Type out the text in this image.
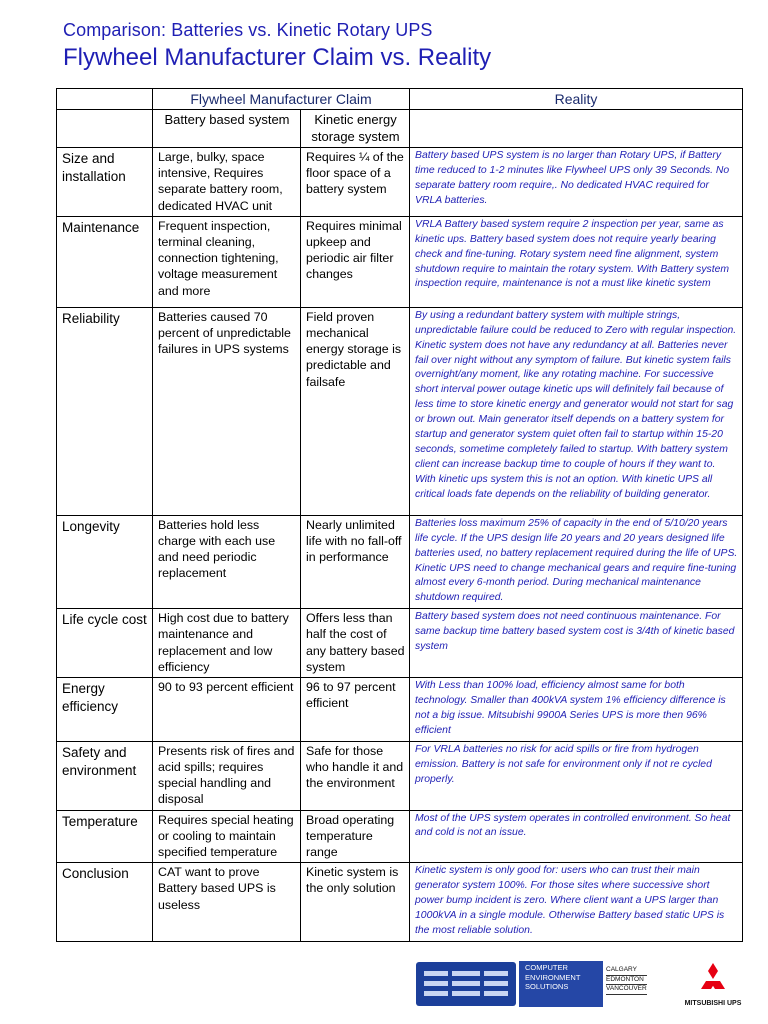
Comparison: Batteries vs. Kinetic Rotary UPS
Flywheel Manufacturer Claim vs. Reality
	Flywheel Manufacturer Claim		Reality
	Battery based system	Kinetic energy storage system	
Size and installation	Large, bulky, space intensive, Requires separate battery room, dedicated HVAC unit	Requires ¼ of the floor space of a battery system	Battery based UPS system is no larger than Rotary UPS, if Battery time reduced to 1-2 minutes like Flywheel UPS only 39 Seconds. No separate battery room require,. No dedicated HVAC required for VRLA batteries.
Maintenance	Frequent inspection, terminal cleaning, connection tightening, voltage measurement and more	Requires minimal upkeep and periodic air filter changes	VRLA Battery based system require 2 inspection per year, same as kinetic ups. Battery based system does not require yearly bearing check and fine-tuning. Rotary system need fine alignment, system shutdown require to maintain the rotary system. With Battery system inspection require, maintenance is not a must like kinetic system
Reliability	Batteries caused 70 percent of unpredictable failures in UPS systems	Field proven mechanical energy storage is predictable and failsafe	By using a redundant battery system with multiple strings, unpredictable failure could be reduced to Zero with regular inspection. Kinetic system does not have any redundancy at all. Batteries never fail over night without any symptom of failure. But kinetic system fails overnight/any moment, like any rotating machine. For successive short interval power outage kinetic ups will definitely fail because of less time to store kinetic energy and generator would not start for sag or brown out. Main generator itself depends on a battery system for startup and generator system quiet often fail to startup within 15-20 seconds, sometime completely failed to startup. With battery system client can increase backup time to couple of hours if they want to. With kinetic ups system this is not an option. With kinetic UPS all critical loads fate depends on the reliability of building generator.
Longevity	Batteries hold less charge with each use and need periodic replacement	Nearly unlimited life with no fall-off in performance	Batteries loss maximum 25% of capacity in the end of 5/10/20 years life cycle. If the UPS design life 20 years and 20 years designed life batteries used, no battery replacement required during the life of UPS. Kinetic UPS need to change mechanical gears and require fine-tuning almost every 6-month period. During mechanical maintenance shutdown required.
Life cycle cost	High cost due to battery maintenance and replacement and low efficiency	Offers less than half the cost of any battery based system	Battery based system does not need continuous maintenance. For same backup time battery based system cost is 3/4th of kinetic based system
Energy efficiency	90 to 93 percent efficient	96 to 97 percent efficient	With Less than 100% load, efficiency almost same for both technology. Smaller than 400kVA system 1% efficiency difference is not a big issue. Mitsubishi 9900A Series UPS is more then 96% efficient
Safety and environment	Presents risk of fires and acid spills; requires special handling and disposal	Safe for those who handle it and the environment	For VRLA batteries no risk for acid spills or fire from hydrogen emission. Battery is not safe for environment only if not re cycled properly.
Temperature	Requires special heating or cooling to maintain specified temperature	Broad operating temperature range	Most of the UPS system operates in controlled environment. So heat and cold is not an issue.
Conclusion	CAT want to prove Battery based UPS is useless	Kinetic system is the only solution	Kinetic system is only good for: users who can trust their main generator system 100%. For those sites where successive short power bump incident is zero. Where client want a UPS larger than 1000kVA in a single module. Otherwise Battery based static UPS is the most reliable solution.
COMPUTER
ENVIRONMENT
SOLUTIONS
CALGARY
EDMONTON
VANCOUVER
MITSUBISHI UPS
